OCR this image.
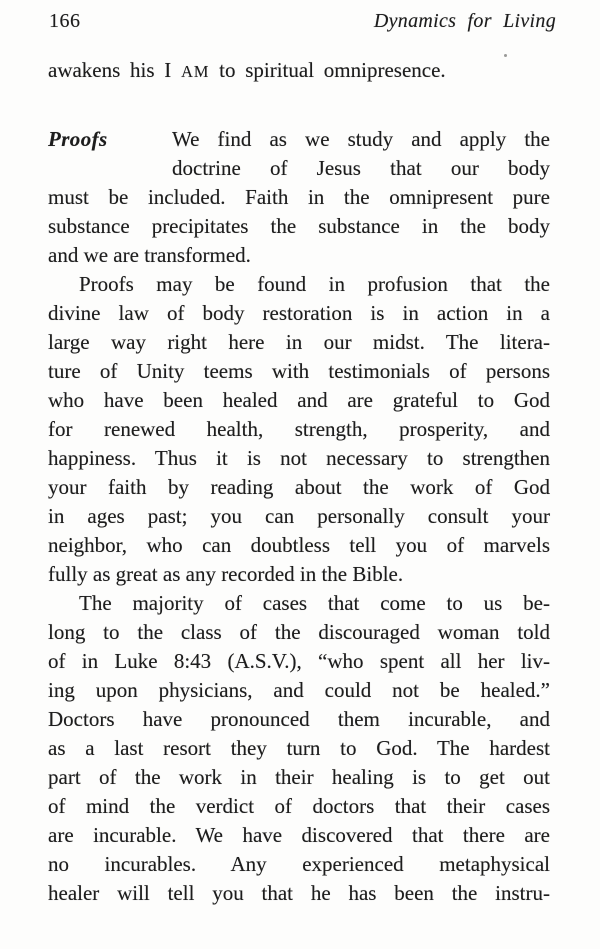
166	Dynamics for Living
awakens his I AM to spiritual omnipresence.
Proofs	We find as we study and apply the
doctrine of Jesus that our body
must be included. Faith in the omnipresent pure
substance precipitates the substance in the body
and we are transformed.
Proofs may be found in profusion that the
divine law of body restoration is in action in a
large way right here in our midst. The litera-
ture of Unity teems with testimonials of persons
who have been healed and are grateful to God
for renewed health, strength, prosperity, and
happiness. Thus it is not necessary to strengthen
your faith by reading about the work of God
in ages past; you can personally consult your
neighbor, who can doubtless tell you of marvels
fully as great as any recorded in the Bible.
The majority of cases that come to us be-
long to the class of the discouraged woman told
of in Luke 8:43 (A.S.V.), “who spent all her liv-
ing upon physicians, and could not be healed.”
Doctors have pronounced them incurable, and
as a last resort they turn to God. The hardest
part of the work in their healing is to get out
of mind the verdict of doctors that their cases
are incurable. We have discovered that there are
no incurables. Any experienced metaphysical
healer will tell you that he has been the instru-
